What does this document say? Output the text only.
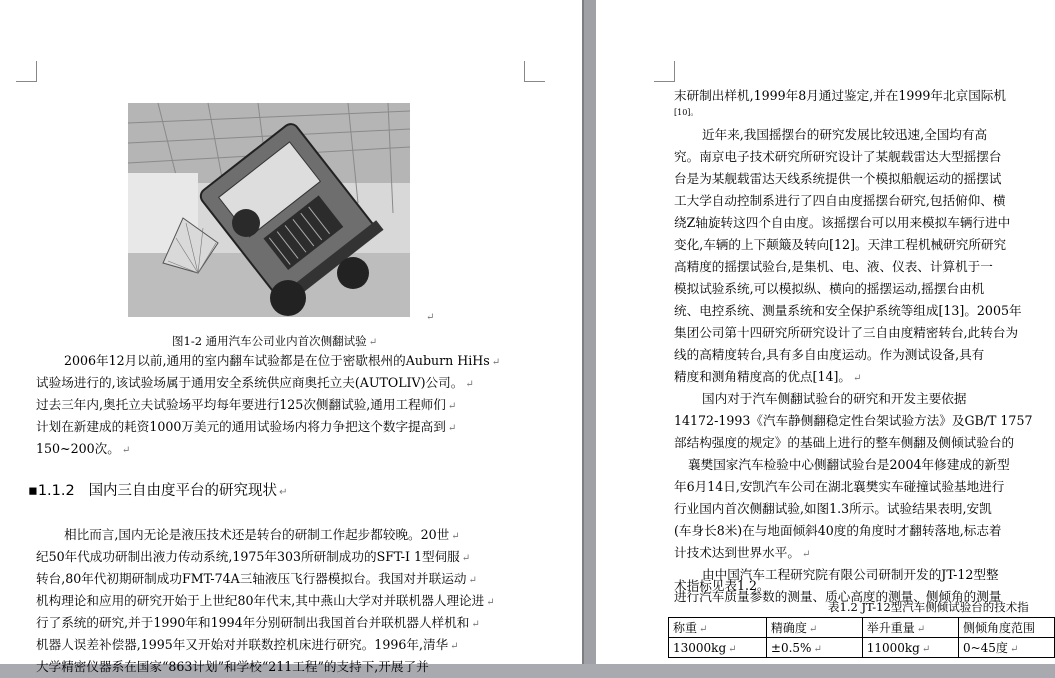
↵
图1-2 通用汽车公司业内首次侧翻试验 ↵
2006年12月以前,通用的室内翻车试验都是在位于密歇根州的Auburn HiHs ↵
试验场进行的,该试验场属于通用安全系统供应商奥托立夫(AUTOLIV)公司。 ↵
过去三年内,奥托立夫试验场平均每年要进行125次侧翻试验,通用工程师们 ↵
计划在新建成的耗资1000万美元的通用试验场内将力争把这个数字提高到 ↵
150~200次。 ↵
▪1.1.2 国内三自由度平台的研究现状 ↵
相比而言,国内无论是液压技术还是转台的研制工作起步都较晚。20世 ↵
纪50年代成功研制出液力传动系统,1975年303所研制成功的SFT-I 1型伺服 ↵
转台,80年代初期研制成功FMT-74A三轴液压飞行器模拟台。我国对并联运动 ↵
机构理论和应用的研究开始于上世纪80年代末,其中燕山大学对并联机器人理论进 ↵
行了系统的研究,并于1990年和1994年分别研制出我国首台并联机器人样机和 ↵
机器人误差补偿器,1995年又开始对并联数控机床进行研究。1996年,清华 ↵
大学精密仪器系在国家“863计划”和学校“211工程”的支持下,开展了并
末研制出样机,1999年8月通过鉴定,并在1999年北京国际机
[10]。
近年来,我国摇摆台的研究发展比较迅速,全国均有高
究。南京电子技术研究所研究设计了某舰载雷达大型摇摆台
台是为某舰载雷达天线系统提供一个模拟船舰运动的摇摆试
工大学自动控制系进行了四自由度摇摆台研究,包括俯仰、横
绕Z轴旋转这四个自由度。该摇摆台可以用来模拟车辆行进中
变化,车辆的上下颠簸及转向[12]。天津工程机械研究所研究
高精度的摇摆试验台,是集机、电、液、仪表、计算机于一
模拟试验系统,可以模拟纵、横向的摇摆运动,摇摆台由机
统、电控系统、测量系统和安全保护系统等组成[13]。2005年
集团公司第十四研究所研究设计了三自由度精密转台,此转台为
线的高精度转台,具有多自由度运动。作为测试设备,具有
精度和测角精度高的优点[14]。 ↵
国内对于汽车侧翻试验台的研究和开发主要依据
14172-1993《汽车静侧翻稳定性台架试验方法》及GB/T 1757
部结构强度的规定》的基础上进行的整车侧翻及侧倾试验台的
襄樊国家汽车检验中心侧翻试验台是2004年修建成的新型
年6月14日,安凯汽车公司在湖北襄樊实车碰撞试验基地进行
行业国内首次侧翻试验,如图1.3所示。试验结果表明,安凯
(车身长8米)在与地面倾斜40度的角度时才翻转落地,标志着
计技术达到世界水平。 ↵
由中国汽车工程研究院有限公司研制开发的JT-12型整
进行汽车质量参数的测量、质心高度的测量、侧倾角的测量
术指标见表1.2。
表1.2 JT-12型汽车侧倾试验台的技术指
称重 ↵	精确度 ↵	举升重量 ↵	侧倾角度范围
13000kg ↵	±0.5% ↵	11000kg ↵	0~45度 ↵
